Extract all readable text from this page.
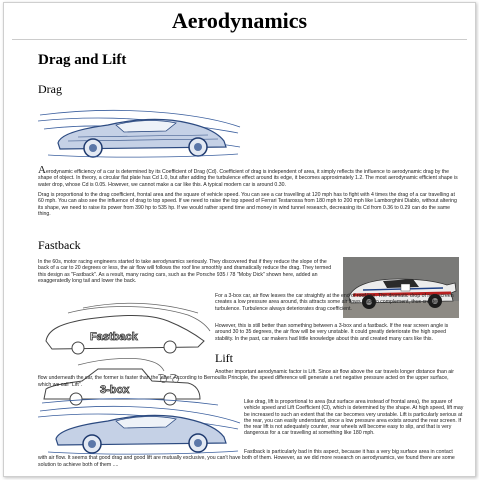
Aerodynamics
Drag and Lift
Drag

Aerodynamic efficiency of a car is determined by its Coefficient of Drag (Cd). Coefficient of drag is independent of area, it simply reflects the influence to aerodynamic drag by the shape of object. In theory, a circular flat plate has Cd 1.0, but after adding the turbulence effect around its edge, it becomes approximately 1.2. The most aerodynamic efficient shape is water drop, whose Cd is 0.05. However, we cannot make a car like this. A typical modern car is around 0.30.

Drag is proportional to the drag coefficient, frontal area and the square of vehicle speed. You can see a car travelling at 120 mph has to fight with 4 times the drag of a car travelling at 60 mph. You can also see the influence of drag to top speed. If we need to raise the top speed of Ferrari Testarossa from 180 mph to 200 mph like Lamborghini Diablo, without altering its shape, we need to raise its power from 390 hp to 535 hp. If we would rather spend time and money in wind tunnel research, decreasing its Cd from 0.36 to 0.29 can do the same thing.

Fastback

In the 60s, motor racing engineers started to take aerodynamics seriously. They discovered that if they reduce the slope of the back of a car to 20 degrees or less, the air flow will follows the roof line smoothly and dramatically reduce the drag. They termed this design as "Fastback". As a result, many racing cars, such as the Porsche 935 / 78 "Moby Dick" shown here, added an exaggeratedly long tail and lower the back.

Fastback
3-box

For a 3-box car, air flow leaves the car straightly at the end of roof line. The dramatic drop of rear screen creates a low pressure area around, this attracts some air flows back to complement, thus creates turbulence. Turbulence always deteriorates drag coefficient.

However, this is still better than something between a 3-box and a fastback. If the rear screen angle is around 30 to 35 degrees, the air flow will be very unstable. It could greatly deteriorate the high speed stability. In the past, car makers had little knowledge about this and created many cars like this.

Lift

Another important aerodynamic factor is Lift. Since air flow above the car travels longer distance than air flow underneath the car, the former is faster than the latter. According to Bernoullis Principle, the speed difference will generate a net negative pressure acted on the upper surface, which we call "Lift".

Like drag, lift is proportional to area (but surface area instead of frontal area), the square of vehicle speed and Lift Coefficient (Cl), which is determined by the shape. At high speed, lift may be increased to such an extent that the car becomes very unstable. Lift is particularly serious at the rear, you can easily understand, since a low pressure area exists around the rear screen. If the rear lift is not adequately counter, rear wheels will become easy to slip, and that is very dangerous for a car travelling at something like 180 mph.

Fastback is particularly bad in this aspect, because it has a very big surface area in contact with air flow. It seems that good drag and good lift are mutually exclusive, you can't have both of them. However, as we did more research on aerodynamics, we found there are some solution to achieve both of them ....
